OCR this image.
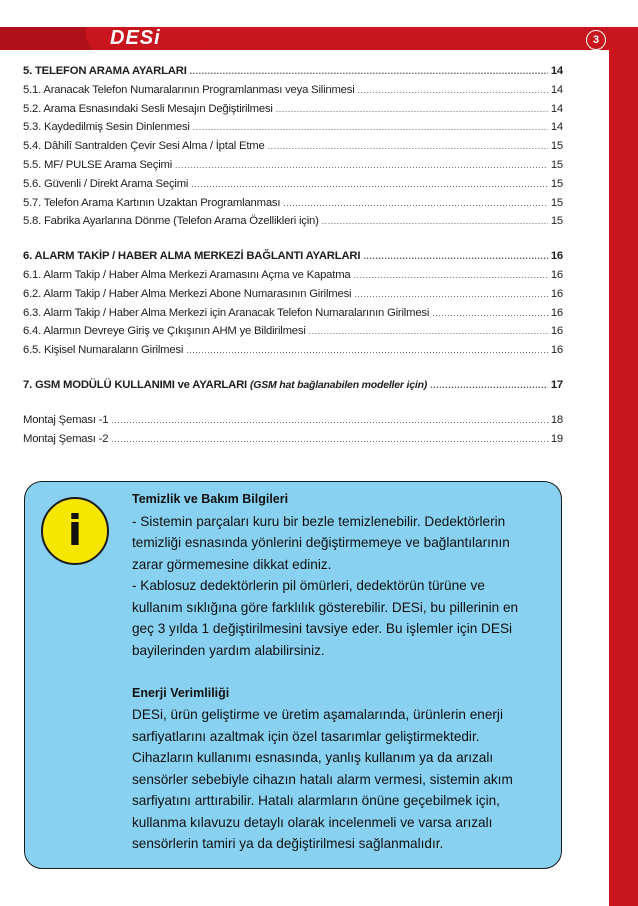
DESi	3
5. TELEFON ARAMA AYARLARI .....	14
5.1. Aranacak Telefon Numaralarının Programlanması veya Silinmesi .....	14
5.2. Arama Esnasındaki Sesli Mesajın Değiştirilmesi .....	14
5.3. Kaydedilmiş Sesin Dinlenmesi .....	14
5.4. Dâhilî Santralden Çevir Sesi Alma / İptal Etme .....	15
5.5. MF/ PULSE Arama Seçimi .....	15
5.6. Güvenli / Direkt Arama Seçimi .....	15
5.7. Telefon Arama Kartının Uzaktan Programlanması .....	15
5.8. Fabrika Ayarlarına Dönme (Telefon Arama Özellikleri için) .....	15
6. ALARM TAKİP / HABER ALMA MERKEZİ BAĞLANTI AYARLARI .....	16
6.1. Alarm Takip / Haber Alma Merkezi Aramasını Açma ve Kapatma .....	16
6.2. Alarm Takip / Haber Alma Merkezi Abone Numarasının Girilmesi .....	16
6.3. Alarm Takip / Haber Alma Merkezi için Aranacak Telefon Numaralarının Girilmesi .....	16
6.4. Alarmın Devreye Giriş ve Çıkışının AHM ye Bildirilmesi .....	16
6.5. Kişisel Numaraların Girilmesi .....	16
7. GSM MODÜLÜ KULLANIMI ve AYARLARI (GSM hat bağlanabilen modeller için) .....	17
Montaj Şeması -1 .....	18
Montaj Şeması -2 .....	19
i

Temizlik ve Bakım Bilgileri

- Sistemin parçaları kuru bir bezle temizlenebilir. Dedektörlerin

temizliği esnasında yönlerini değiştirmemeye ve bağlantılarının

zarar görmemesine dikkat ediniz.

- Kablosuz dedektörlerin pil ömürleri, dedektörün türüne ve

kullanım sıklığına göre farklılık gösterebilir. DESi, bu pillerinin en

geç 3 yılda 1 değiştirilmesini tavsiye eder. Bu işlemler için DESi

bayilerinden yardım alabilirsiniz.

Enerji Verimliliği

DESi, ürün geliştirme ve üretim aşamalarında, ürünlerin enerji

sarfiyatlarını azaltmak için özel tasarımlar geliştirmektedir.

Cihazların kullanımı esnasında, yanlış kullanım ya da arızalı

sensörler sebebiyle cihazın hatalı alarm vermesi, sistemin akım

sarfiyatını arttırabilir. Hatalı alarmların önüne geçebilmek için,

kullanma kılavuzu detaylı olarak incelenmeli ve varsa arızalı

sensörlerin tamiri ya da değiştirilmesi sağlanmalıdır.
